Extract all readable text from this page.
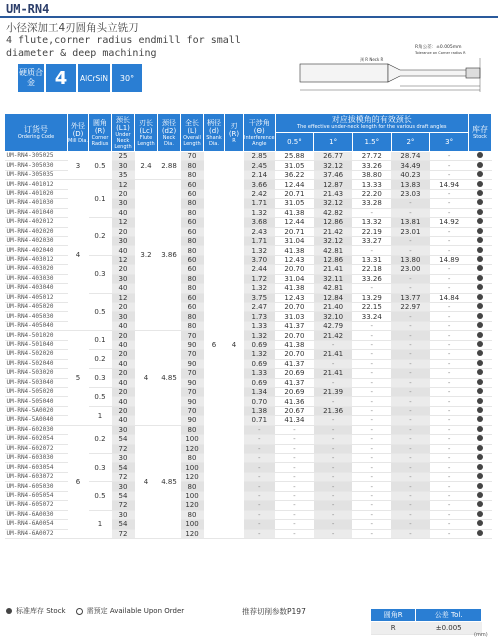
UM-RN4
小径深加工4刃圆角头立铣刀
4 flute,corner radius endmill for small
diameter & deep machining
硬质合金	4	AlCrSiN	30°
R角公差：±0.005mm
Tolerance on Corner radius R
颈 R Neck R
订货号

Ordering Code	外径
(D)
Mill Dia.	圆角
(R)
Corner Radius	颈长
(L1)
Under Neck Length	刃长
(Lc)
Flute Length	颈径
(d2)
Neck Dia.	全长
(L)
Overall Length	柄径
(d)
Shank Dia.	刃
(R)
R	干涉角
(Θ)
Interference Angle	对应拔模角的有效颈长
The effective under-neck length for the various draft angles					库存

Stock

										0.5°	1°	1.5°	2°	3°	
UM-RN4-305025	3	0.5	25	2.4	2.88	70	6	4	2.85	25.88	26.77	27.72	28.74	-	
UM-RN4-305030			30			80			2.45	31.05	32.12	33.26	34.49	-	
UM-RN4-305035			35			80			2.14	36.22	37.46	38.80	40.23	-	
UM-RN4-401012	4	0.1	12	3.2	3.86	60			3.66	12.44	12.87	13.33	13.83	14.94	
UM-RN4-401020			20			60			2.42	20.71	21.43	22.20	23.03	-	
UM-RN4-401030			30			80			1.71	31.05	32.12	33.28	-	-	
UM-RN4-401040			40			80			1.32	41.38	42.82	-	-	-	
UM-RN4-402012		0.2	12			60			3.68	12.44	12.86	13.32	13.81	14.92	
UM-RN4-402020			20			60			2.43	20.71	21.42	22.19	23.01	-	
UM-RN4-402030			30			80			1.71	31.04	32.12	33.27	-	-	
UM-RN4-402040			40			80			1.32	41.38	42.81	-	-	-	
UM-RN4-403012		0.3	12			60			3.70	12.43	12.86	13.31	13.80	14.89	
UM-RN4-403020			20			60			2.44	20.70	21.41	22.18	23.00	-	
UM-RN4-403030			30			80			1.72	31.04	32.11	33.26	-	-	
UM-RN4-403040			40			80			1.32	41.38	42.81	-	-	-	
UM-RN4-405012		0.5	12			60			3.75	12.43	12.84	13.29	13.77	14.84	
UM-RN4-405020			20			60			2.47	20.70	21.40	22.15	22.97	-	
UM-RN4-405030			30			80			1.73	31.03	32.10	33.24	-	-	
UM-RN4-405040			40			80			1.33	41.37	42.79	-	-	-	
UM-RN4-501020	5	0.1	20	4	4.85	70			1.32	20.70	21.42	-	-	-	
UM-RN4-501040			40			90			0.69	41.38	-	-	-	-	
UM-RN4-502020		0.2	20			70			1.32	20.70	21.41	-	-	-	
UM-RN4-502040			40			90			0.69	41.37	-	-	-	-	
UM-RN4-503020		0.3	20			70			1.33	20.69	21.41	-	-	-	
UM-RN4-503040			40			90			0.69	41.37	-	-	-	-	
UM-RN4-505020		0.5	20			70			1.34	20.69	21.39	-	-	-	
UM-RN4-505040			40			90			0.70	41.36	-	-	-	-	
UM-RN4-5A0020		1	20			70			1.38	20.67	21.36	-	-	-	
UM-RN4-5A0040			40			90			0.71	41.34	-	-	-	-	
UM-RN4-602030	6	0.2	30	4	4.85	80			-	-	-	-	-	-	
UM-RN4-602054			54			100			-	-	-	-	-	-	
UM-RN4-602072			72			120			-	-	-	-	-	-	
UM-RN4-603030		0.3	30			80			-	-	-	-	-	-	
UM-RN4-603054			54			100			-	-	-	-	-	-	
UM-RN4-603072			72			120			-	-	-	-	-	-	
UM-RN4-605030		0.5	30			80			-	-	-	-	-	-	
UM-RN4-605054			54			100			-	-	-	-	-	-	
UM-RN4-605072			72			120			-	-	-	-	-	-	
UM-RN4-6A0030		1	30			80			-	-	-	-	-	-	
UM-RN4-6A0054			54			100			-	-	-	-	-	-	
UM-RN4-6A0072			72			120			-	-	-	-	-	-	
标准库存 Stock	需预定 Available Upon Order	推荐切削参数P197	圆角R	公差 Tol.
R	±0.005
(mm)
